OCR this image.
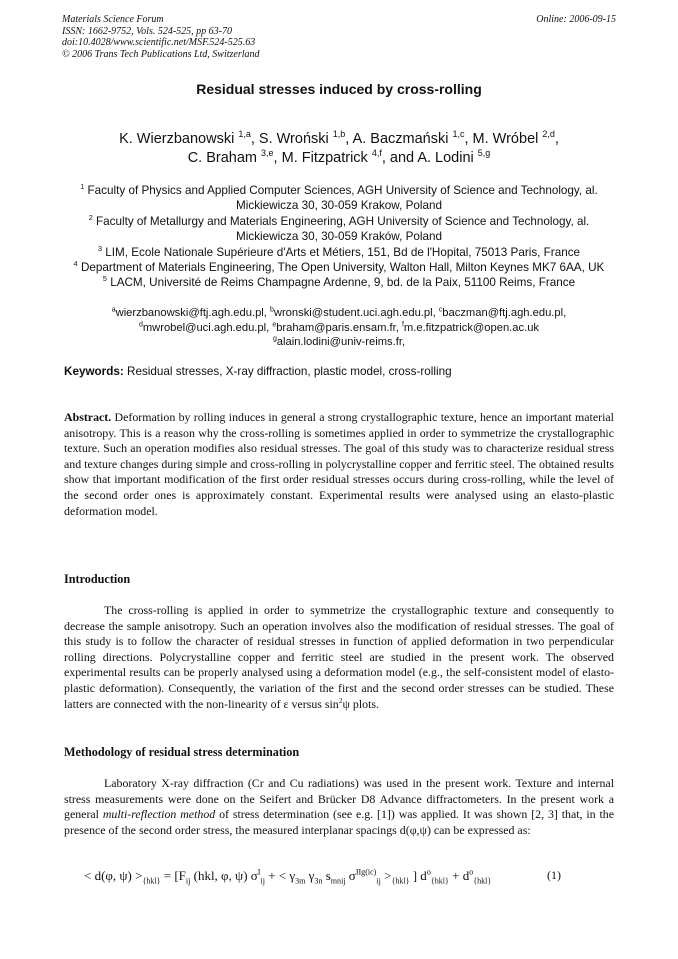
Materials Science Forum
ISSN: 1662-9752, Vols. 524-525, pp 63-70
doi:10.4028/www.scientific.net/MSF.524-525.63
© 2006 Trans Tech Publications Ltd, Switzerland
Online: 2006-09-15
Residual stresses induced by cross-rolling
K. Wierzbanowski $^{1,a}$, S. Wroński $^{1,b}$, A. Baczmański $^{1,c}$, M. Wróbel $^{2,d}$,
C. Braham $^{3,e}$, M. Fitzpatrick $^{4,f}$, and A. Lodini $^{5,g}$
$^1$ Faculty of Physics and Applied Computer Sciences, AGH University of Science and Technology, al. Mickiewicza 30, 30-059 Krakow, Poland
$^2$ Faculty of Metallurgy and Materials Engineering, AGH University of Science and Technology, al. Mickiewicza 30, 30-059 Kraków, Poland
$^3$ LIM, Ecole Nationale Supérieure d'Arts et Métiers, 151, Bd de l'Hopital, 75013 Paris, France
$^4$ Department of Materials Engineering, The Open University, Walton Hall, Milton Keynes MK7 6AA, UK
$^5$ LACM, Université de Reims Champagne Ardenne, 9, bd. de la Paix, 51100 Reims, France
$^a$wierzbanowski@ftj.agh.edu.pl, $^b$wronski@student.uci.agh.edu.pl, $^c$baczman@ftj.agh.edu.pl,
$^d$mwrobel@uci.agh.edu.pl, $^e$braham@paris.ensam.fr, $^f$m.e.fitzpatrick@open.ac.uk
$^g$alain.lodini@univ-reims.fr,
Keywords: Residual stresses, X-ray diffraction, plastic model, cross-rolling
Abstract. Deformation by rolling induces in general a strong crystallographic texture, hence an important material anisotropy. This is a reason why the cross-rolling is sometimes applied in order to symmetrize the crystallographic texture. Such an operation modifies also residual stresses. The goal of this study was to characterize residual stress and texture changes during simple and cross-rolling in polycrystalline copper and ferritic steel. The obtained results show that important modification of the first order residual stresses occurs during cross-rolling, while the level of the second order ones is approximately constant. Experimental results were analysed using an elasto-plastic deformation model.
Introduction
The cross-rolling is applied in order to symmetrize the crystallographic texture and consequently to decrease the sample anisotropy. Such an operation involves also the modification of residual stresses. The goal of this study is to follow the character of residual stresses in function of applied deformation in two perpendicular rolling directions. Polycrystalline copper and ferritic steel are studied in the present work. The observed experimental results can be properly analysed using a deformation model (e.g., the self-consistent model of elasto-plastic deformation). Consequently, the variation of the first and the second order stresses can be studied. These latters are connected with the non-linearity of ε versus $\sin^2\psi$ plots.
Methodology of residual stress determination
Laboratory X-ray diffraction (Cr and Cu radiations) was used in the present work. Texture and internal stress measurements were done on the Seifert and Brücker D8 Advance diffractometers. In the present work a general multi-reflection method of stress determination (see e.g. [1]) was applied. It was shown [2, 3] that, in the presence of the second order stress, the measured interplanar spacings d(φ,ψ) can be expressed as:
< d(φ, $\psi) >_{\{hkl\}} = [F_{ij}$ (hkl, φ, ψ) $\sigma^I_{ij}$ + < $\gamma_{3m}$ $\gamma_{3n}$ $s_{mnij}$ $\sigma^{IIg(ic)}_{ij} >_{\{hkl\}}$ ] $d^o_{\{hkl\}} + d^o_{\{hkl\}}$	(1)
